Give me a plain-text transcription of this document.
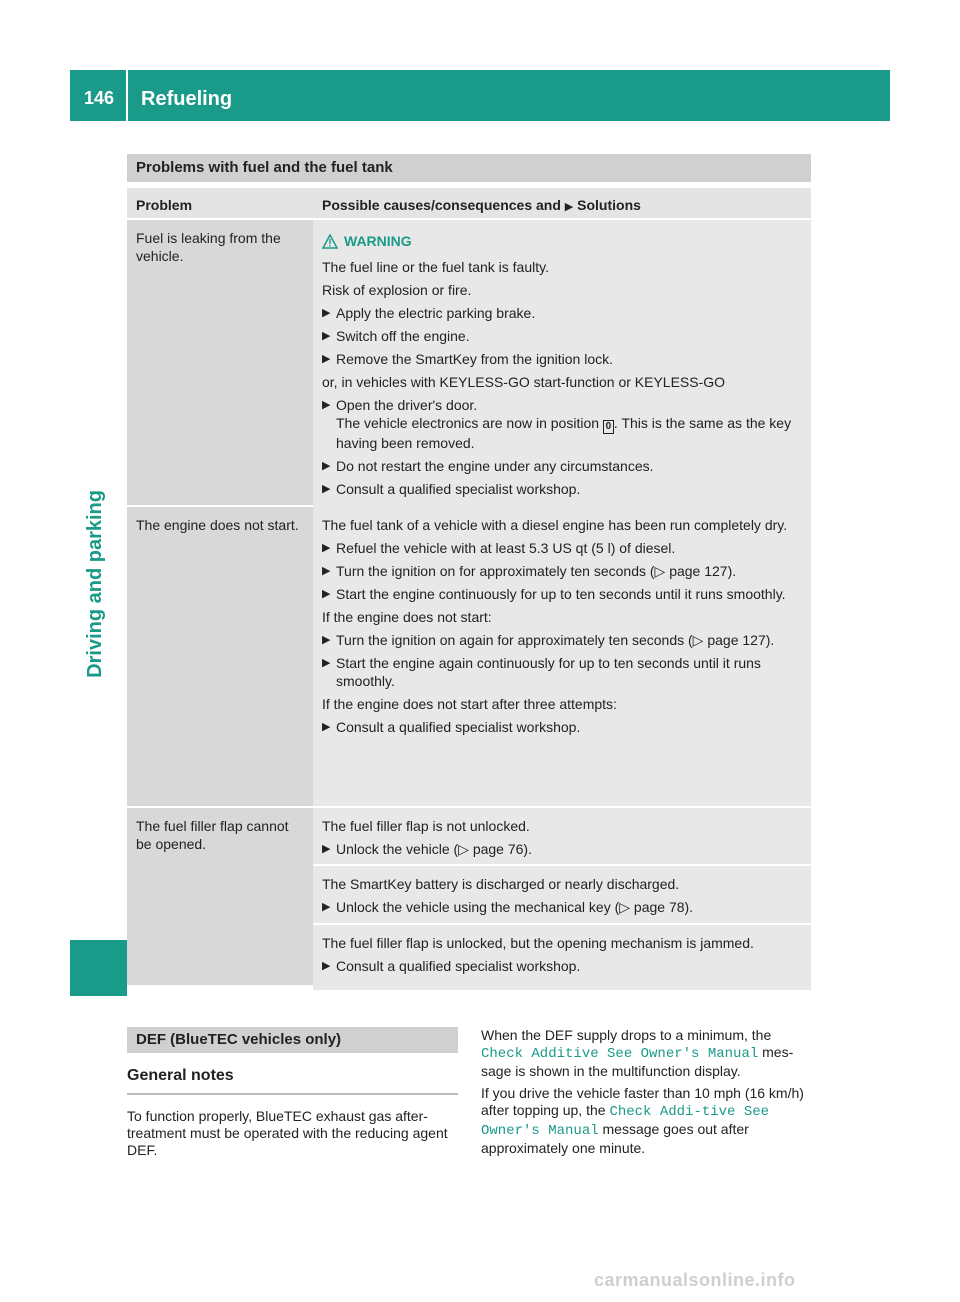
146 Refueling
Driving and parking
Problems with fuel and the fuel tank
Problem	Possible causes/consequences and ▶ Solutions
Fuel is leaking from the vehicle.
WARNING

The fuel line or the fuel tank is faulty.

Risk of explosion or fire.

▶ Apply the electric parking brake.
▶ Switch off the engine.
▶ Remove the SmartKey from the ignition lock.

or, in vehicles with KEYLESS-GO start-function or KEYLESS-GO

▶ Open the driver's door.
The vehicle electronics are now in position 0 . This is the same as the key having been removed.
▶ Do not restart the engine under any circumstances.
▶ Consult a qualified specialist workshop.
The engine does not start.	The fuel tank of a vehicle with a diesel engine has been run completely dry.

▶ Refuel the vehicle with at least 5.3 US qt (5 l) of diesel.
▶ Turn the ignition on for approximately ten seconds (▷ page 127).
▶ Start the engine continuously for up to ten seconds until it runs smoothly.

If the engine does not start:

▶ Turn the ignition on again for approximately ten seconds (▷ page 127).
▶ Start the engine again continuously for up to ten seconds until it runs smoothly.

If the engine does not start after three attempts:

▶ Consult a qualified specialist workshop.
The fuel filler flap cannot be opened.

The fuel filler flap is not unlocked.

▶ Unlock the vehicle (▷ page 76).

The SmartKey battery is discharged or nearly discharged.

▶ Unlock the vehicle using the mechanical key (▷ page 78).

The fuel filler flap is unlocked, but the opening mechanism is jammed.

▶ Consult a qualified specialist workshop.
DEF (BlueTEC vehicles only)
General notes
To function properly, BlueTEC exhaust gas after-treatment must be operated with the reducing agent DEF.

When the DEF supply drops to a minimum, the Check Additive See Owner's Manual mes-sage is shown in the multifunction display.

If you drive the vehicle faster than 10 mph (16 km/h) after topping up, the Check Addi-tive See Owner's Manual message goes out after approximately one minute.

carmanualsonline.info
